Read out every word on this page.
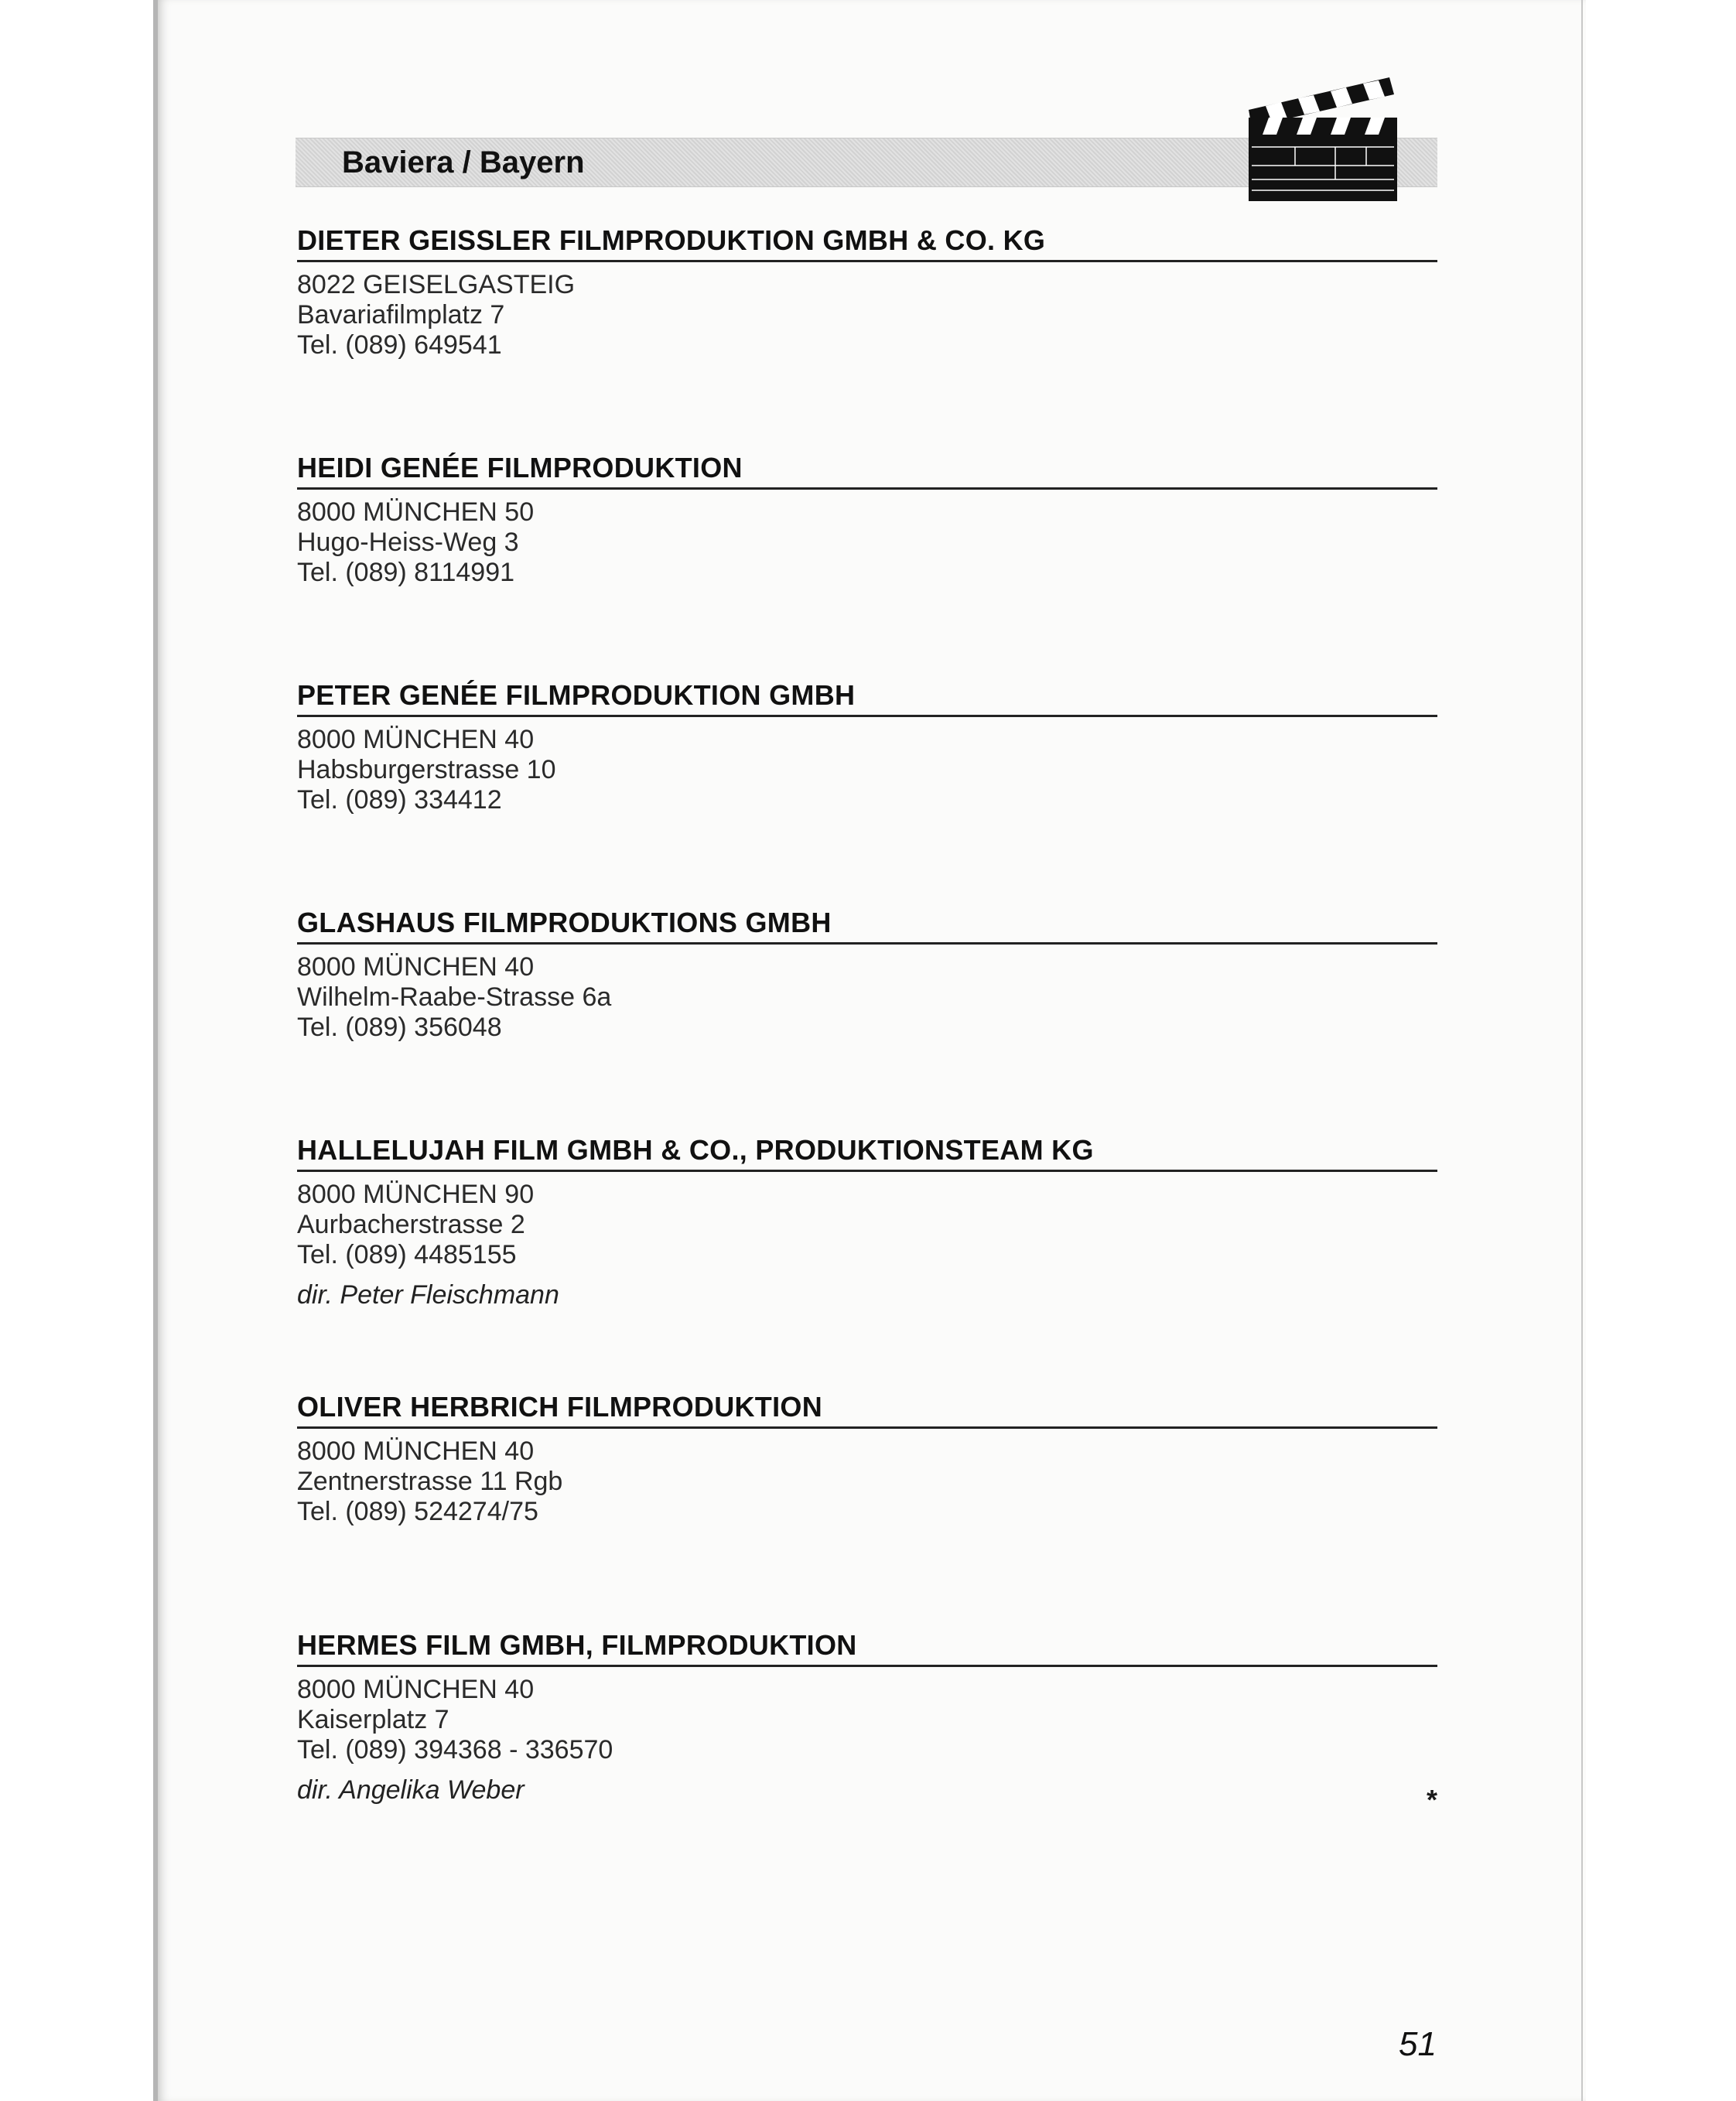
Baviera / Bayern
DIETER GEISSLER FILMPRODUKTION GMBH & CO. KG
8022 GEISELGASTEIG
Bavariafilmplatz 7
Tel. (089) 649541
HEIDI GENÉE FILMPRODUKTION
8000 MÜNCHEN 50
Hugo-Heiss-Weg 3
Tel. (089) 8114991
PETER GENÉE FILMPRODUKTION GMBH
8000 MÜNCHEN 40
Habsburgerstrasse 10
Tel. (089) 334412
GLASHAUS FILMPRODUKTIONS GMBH
8000 MÜNCHEN 40
Wilhelm-Raabe-Strasse 6a
Tel. (089) 356048
HALLELUJAH FILM GMBH & CO., PRODUKTIONSTEAM KG
8000 MÜNCHEN 90
Aurbacherstrasse 2
Tel. (089) 4485155
dir. Peter Fleischmann
OLIVER HERBRICH FILMPRODUKTION
8000 MÜNCHEN 40
Zentnerstrasse 11 Rgb
Tel. (089) 524274/75
HERMES FILM GMBH, FILMPRODUKTION
*
8000 MÜNCHEN 40
Kaiserplatz 7
Tel. (089) 394368 - 336570
dir. Angelika Weber
51
